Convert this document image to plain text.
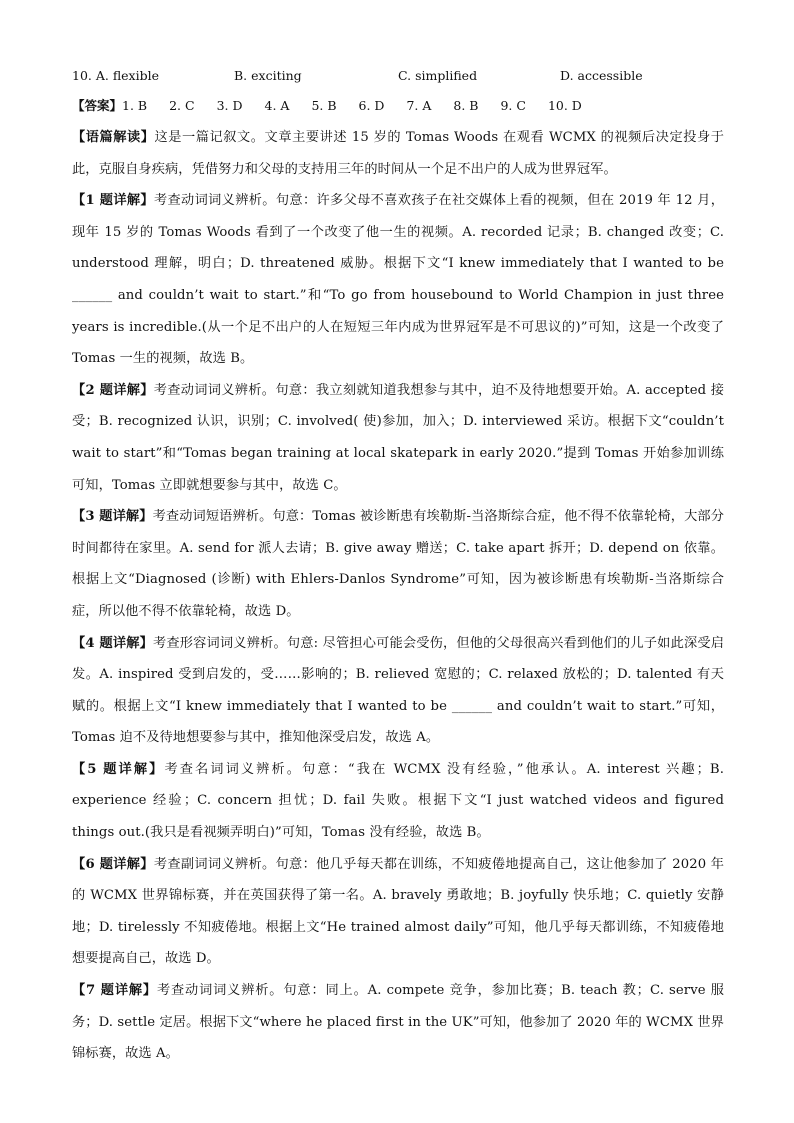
10. A. flexible	B. exciting	C. simplified	D. accessible
【答案】1. B 2. C 3. D 4. A 5. B 6. D 7. A 8. B 9. C 10. D

【语篇解读】这是一篇记叙文。文章主要讲述 15 岁的 Tomas Woods 在观看 WCMX 的视频后决定投身于此，克服自身疾病，凭借努力和父母的支持用三年的时间从一个足不出户的人成为世界冠军。

【1 题详解】考查动词词义辨析。句意：许多父母不喜欢孩子在社交媒体上看的视频，但在 2019 年 12 月，现年 15 岁的 Tomas Woods 看到了一个改变了他一生的视频。A. recorded 记录；B. changed 改变；C. understood 理解，明白；D. threatened 威胁。根据下文“I knew immediately that I wanted to be ______ and couldn’t wait to start.”和“To go from housebound to World Champion in just three years is incredible.(从一个足不出户的人在短短三年内成为世界冠军是不可思议的)”可知，这是一个改变了 Tomas 一生的视频，故选 B。

【2 题详解】考查动词词义辨析。句意：我立刻就知道我想参与其中，迫不及待地想要开始。A. accepted 接受；B. recognized 认识，识别；C. involved( 使)参加，加入；D. interviewed 采访。根据下文“couldn’t wait to start”和“Tomas began training at local skatepark in early 2020.”提到 Tomas 开始参加训练可知，Tomas 立即就想要参与其中，故选 C。

【3 题详解】考查动词短语辨析。句意：Tomas 被诊断患有埃勒斯-当洛斯综合症，他不得不依靠轮椅，大部分时间都待在家里。A. send for 派人去请；B. give away 赠送；C. take apart 拆开；D. depend on 依靠。根据上文“Diagnosed (诊断) with Ehlers-Danlos Syndrome”可知，因为被诊断患有埃勒斯-当洛斯综合症，所以他不得不依靠轮椅，故选 D。

【4 题详解】考查形容词词义辨析。句意: 尽管担心可能会受伤，但他的父母很高兴看到他们的儿子如此深受启发。A. inspired 受到启发的，受……影响的；B. relieved 宽慰的；C. relaxed 放松的；D. talented 有天赋的。根据上文“I knew immediately that I wanted to be ______ and couldn’t wait to start.”可知，Tomas 迫不及待地想要参与其中，推知他深受启发，故选 A。

【5 题详解】考查名词词义辨析。句意：“我在 WCMX 没有经验，”他承认。A. interest 兴趣；B. experience 经验；C. concern 担忧；D. fail 失败。根据下文“I just watched videos and figured things out.(我只是看视频弄明白)”可知，Tomas 没有经验，故选 B。

【6 题详解】考查副词词义辨析。句意：他几乎每天都在训练，不知疲倦地提高自己，这让他参加了 2020 年的 WCMX 世界锦标赛，并在英国获得了第一名。A. bravely 勇敢地；B. joyfully 快乐地；C. quietly 安静地；D. tirelessly 不知疲倦地。根据上文“He trained almost daily”可知，他几乎每天都训练，不知疲倦地想要提高自己，故选 D。

【7 题详解】考查动词词义辨析。句意：同上。A. compete 竞争，参加比赛；B. teach 教；C. serve 服务；D. settle 定居。根据下文“where he placed first in the UK”可知，他参加了 2020 年的 WCMX 世界锦标赛，故选 A。
